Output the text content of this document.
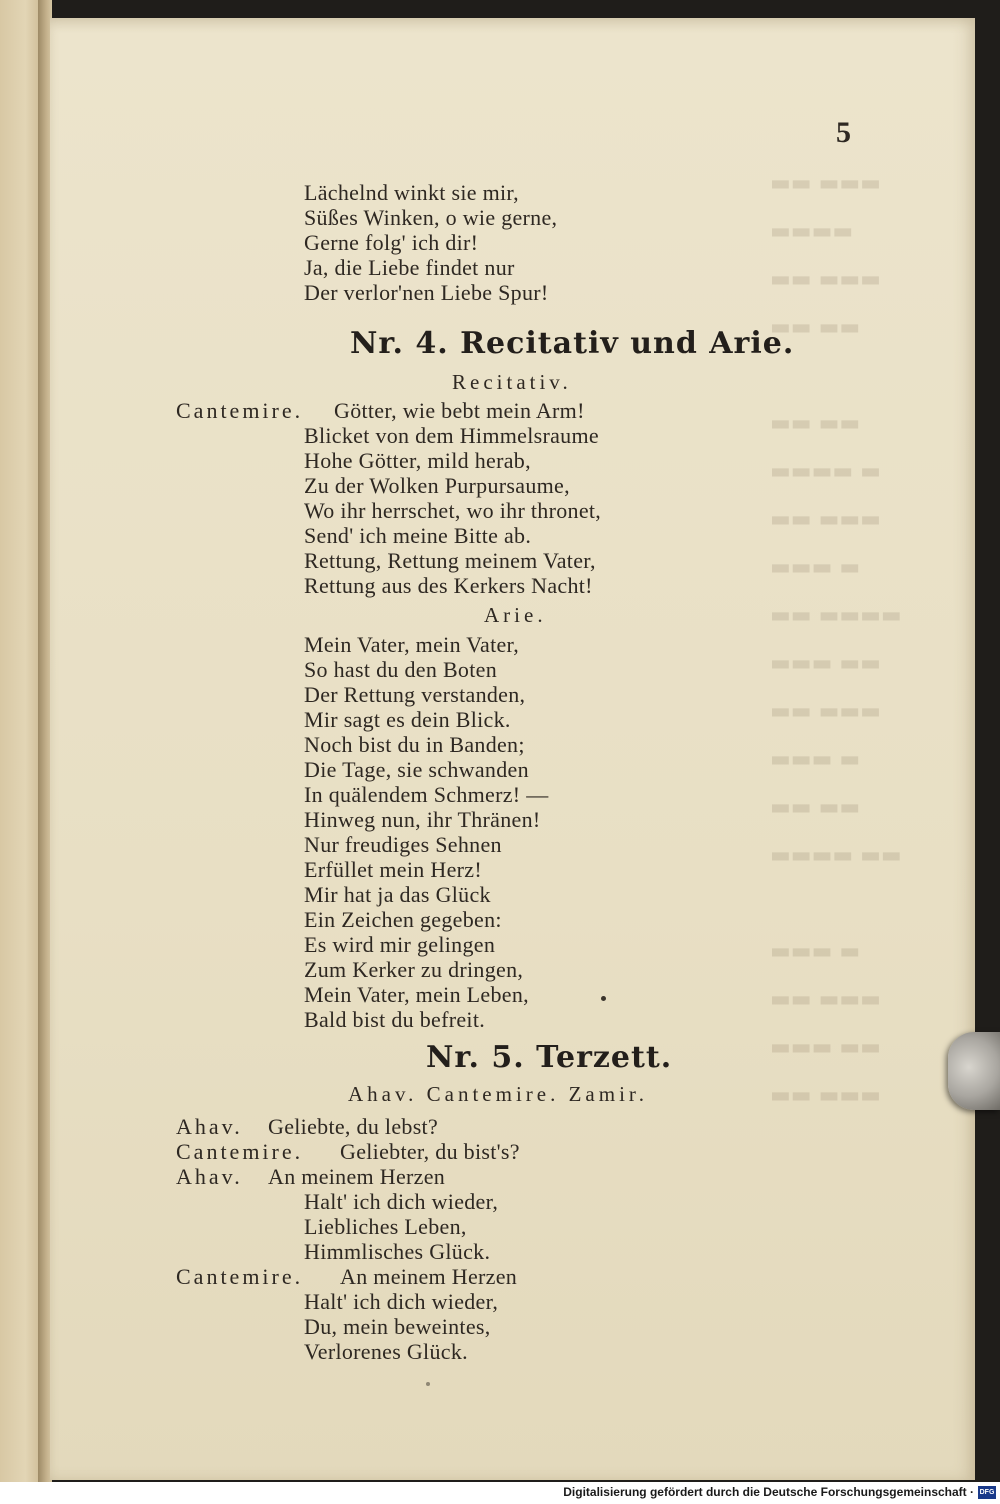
▬▬ ▬▬▬
▬▬▬▬
▬▬ ▬▬▬
▬▬ ▬▬

▬▬ ▬▬
▬▬▬▬ ▬
▬▬ ▬▬▬
▬▬▬ ▬
▬▬ ▬▬▬▬
▬▬▬ ▬▬
▬▬ ▬▬▬
▬▬▬ ▬
▬▬ ▬▬
▬▬▬▬ ▬▬

▬▬▬ ▬
▬▬ ▬▬▬
▬▬▬ ▬▬
▬▬ ▬▬▬
5
Lächelnd winkt sie mir,
Süßes Winken, o wie gerne,
Gerne folg' ich dir!
Ja, die Liebe findet nur
Der verlor'nen Liebe Spur!
Nr. 4. Recitativ und Arie.
Recitativ.
Cantemire. Götter, wie bebt mein Arm!
Blicket von dem Himmelsraume
Hohe Götter, mild herab,
Zu der Wolken Purpursaume,
Wo ihr herrschet, wo ihr thronet,
Send' ich meine Bitte ab.
Rettung, Rettung meinem Vater,
Rettung aus des Kerkers Nacht!
Arie.
Mein Vater, mein Vater,
So hast du den Boten
Der Rettung verstanden,
Mir sagt es dein Blick.
Noch bist du in Banden;
Die Tage, sie schwanden
In quälendem Schmerz! —
Hinweg nun, ihr Thränen!
Nur freudiges Sehnen
Erfüllet mein Herz!
Mir hat ja das Glück
Ein Zeichen gegeben:
Es wird mir gelingen
Zum Kerker zu dringen,
Mein Vater, mein Leben,
Bald bist du befreit.
Nr. 5. Terzett.
Ahav. Cantemire. Zamir.
Ahav. Geliebte, du lebst?
Cantemire. Geliebter, du bist's?
Ahav. An meinem Herzen
Halt' ich dich wieder,
Liebliches Leben,
Himmlisches Glück.
Cantemire. An meinem Herzen
Halt' ich dich wieder,
Du, mein beweintes,
Verlorenes Glück.
Digitalisierung gefördert durch die Deutsche Forschungsgemeinschaft · DFG
